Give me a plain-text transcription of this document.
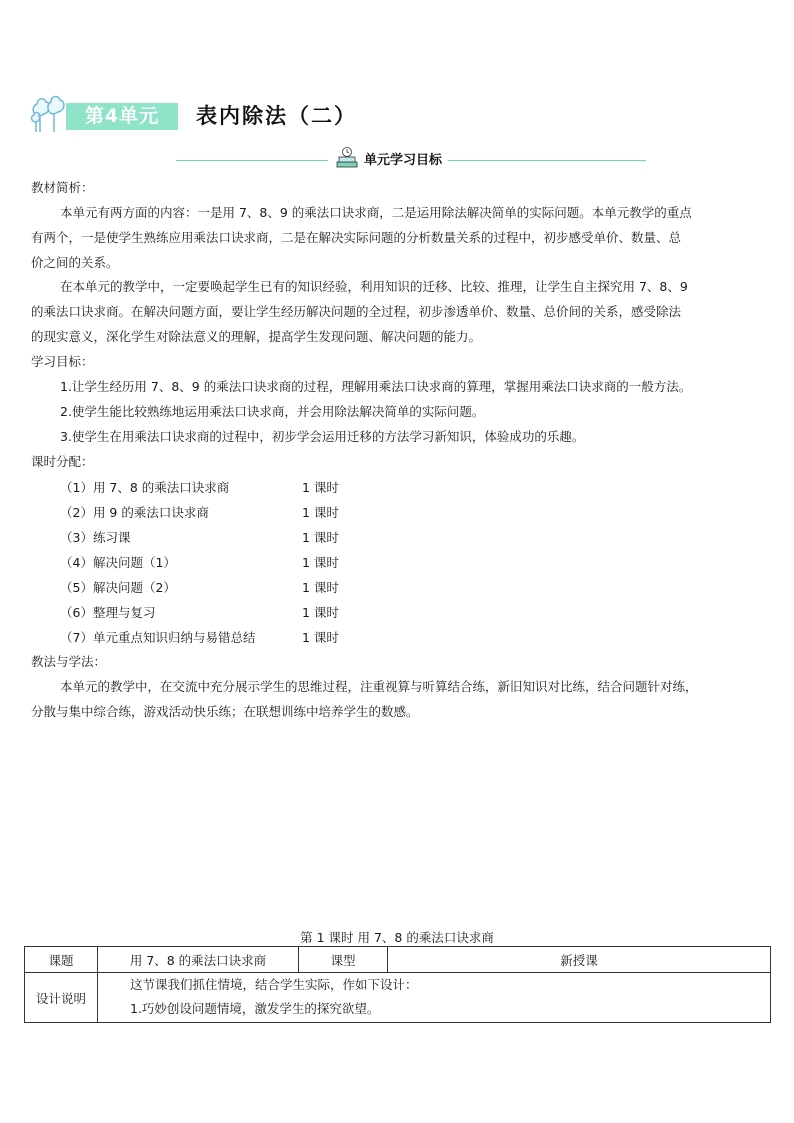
第4单元	表内除法（二）
单元学习目标
教材简析：
本单元有两方面的内容：一是用 7、8、9 的乘法口诀求商，二是运用除法解决简单的实际问题。本单元教学的重点
有两个，一是使学生熟练应用乘法口诀求商，二是在解决实际问题的分析数量关系的过程中，初步感受单价、数量、总
价之间的关系。
在本单元的教学中，一定要唤起学生已有的知识经验，利用知识的迁移、比较、推理，让学生自主探究用 7、8、9
的乘法口诀求商。在解决问题方面，要让学生经历解决问题的全过程，初步渗透单价、数量、总价间的关系，感受除法
的现实意义，深化学生对除法意义的理解，提高学生发现问题、解决问题的能力。
学习目标：
1.让学生经历用 7、8、9 的乘法口诀求商的过程，理解用乘法口诀求商的算理，掌握用乘法口诀求商的一般方法。
2.使学生能比较熟练地运用乘法口诀求商，并会用除法解决简单的实际问题。
3.使学生在用乘法口诀求商的过程中，初步学会运用迁移的方法学习新知识，体验成功的乐趣。
课时分配：
（1）用 7、8 的乘法口诀求商	1 课时
（2）用 9 的乘法口诀求商	1 课时
（3）练习课	1 课时
（4）解决问题（1）	1 课时
（5）解决问题（2）	1 课时
（6）整理与复习	1 课时
（7）单元重点知识归纳与易错总结	1 课时
教法与学法：
本单元的教学中，在交流中充分展示学生的思维过程，注重视算与听算结合练，新旧知识对比练，结合问题针对练，
分散与集中综合练，游戏活动快乐练；在联想训练中培养学生的数感。
第 1 课时 用 7、8 的乘法口诀求商
课题	用 7、8 的乘法口诀求商	课型	新授课
设计说明	这节课我们抓住情境，结合学生实际，作如下设计：
1.巧妙创设问题情境，激发学生的探究欲望。		
